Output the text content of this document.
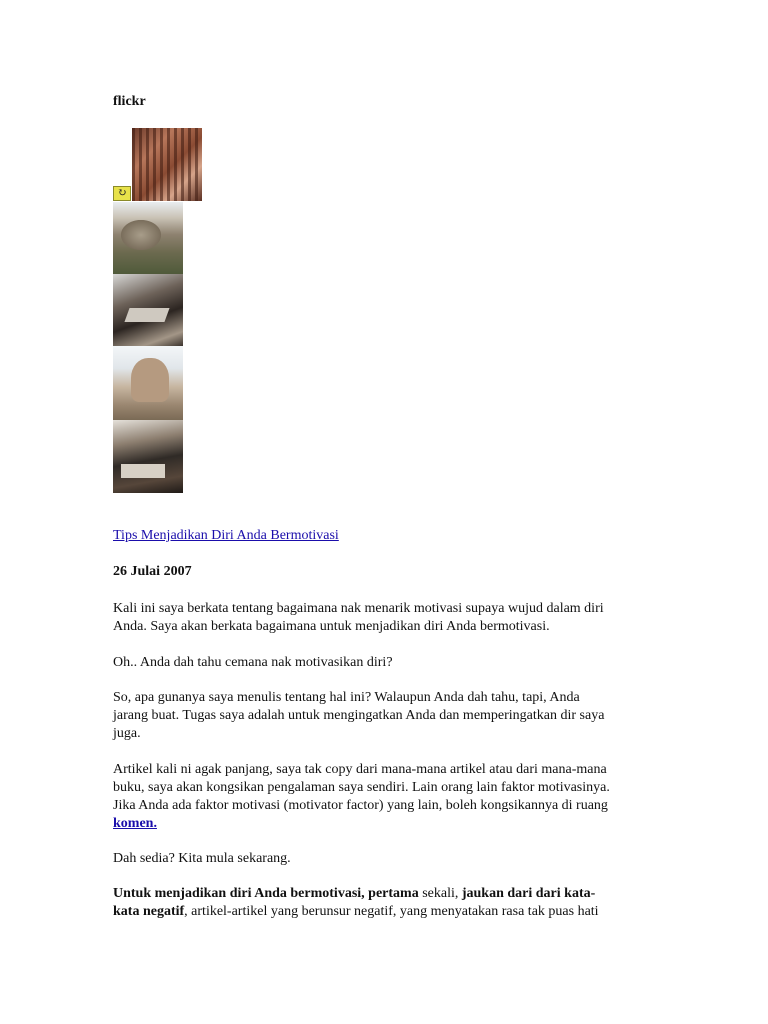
flickr
↻
Tips Menjadikan Diri Anda Bermotivasi
26 Julai 2007
Kali ini saya berkata tentang bagaimana nak menarik motivasi supaya wujud dalam diri
Anda. Saya akan berkata bagaimana untuk menjadikan diri Anda bermotivasi.
Oh.. Anda dah tahu cemana nak motivasikan diri?
So, apa gunanya saya menulis tentang hal ini? Walaupun Anda dah tahu, tapi, Anda
jarang buat. Tugas saya adalah untuk mengingatkan Anda dan memperingatkan dir saya
juga.
Artikel kali ni agak panjang, saya tak copy dari mana-mana artikel atau dari mana-mana
buku, saya akan kongsikan pengalaman saya sendiri. Lain orang lain faktor motivasinya.
Jika Anda ada faktor motivasi (motivator factor) yang lain, boleh kongsikannya di ruang
komen.
Dah sedia? Kita mula sekarang.
Untuk menjadikan diri Anda bermotivasi, pertama sekali, jaukan dari dari kata-
kata negatif, artikel-artikel yang berunsur negatif, yang menyatakan rasa tak puas hati
